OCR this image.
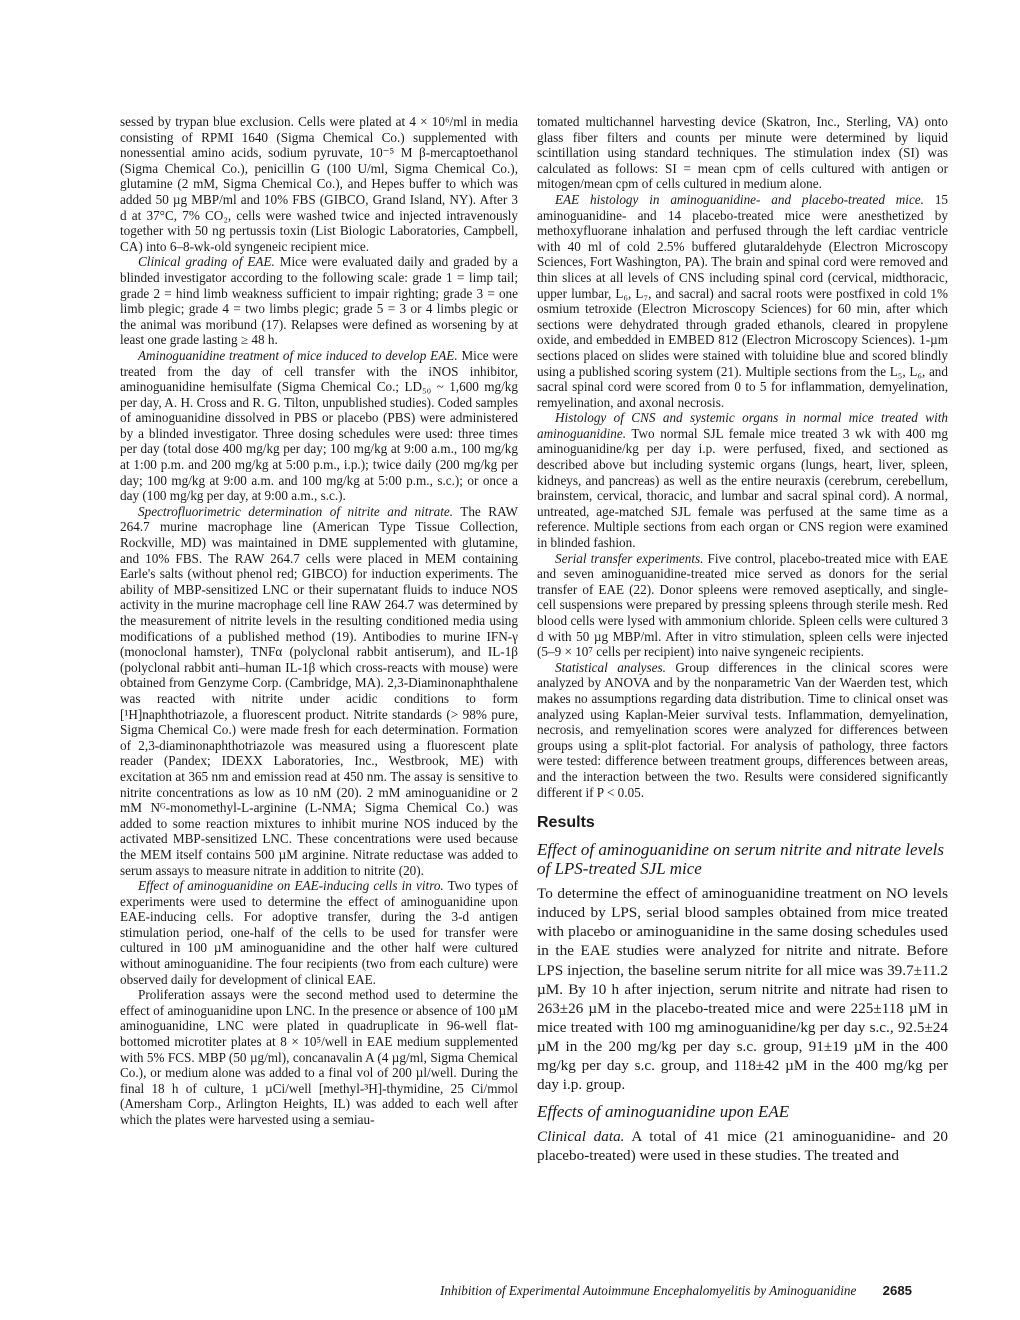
sessed by trypan blue exclusion. Cells were plated at 4 × 10⁶/ml in media consisting of RPMI 1640 (Sigma Chemical Co.) supplemented with nonessential amino acids, sodium pyruvate, 10⁻⁵ M β-mercaptoethanol (Sigma Chemical Co.), penicillin G (100 U/ml, Sigma Chemical Co.), glutamine (2 mM, Sigma Chemical Co.), and Hepes buffer to which was added 50 µg MBP/ml and 10% FBS (GIBCO, Grand Island, NY). After 3 d at 37°C, 7% CO₂, cells were washed twice and injected intravenously together with 50 ng pertussis toxin (List Biologic Laboratories, Campbell, CA) into 6–8-wk-old syngeneic recipient mice.

Clinical grading of EAE. Mice were evaluated daily and graded by a blinded investigator according to the following scale: grade 1 = limp tail; grade 2 = hind limb weakness sufficient to impair righting; grade 3 = one limb plegic; grade 4 = two limbs plegic; grade 5 = 3 or 4 limbs plegic or the animal was moribund (17). Relapses were defined as worsening by at least one grade lasting ≥ 48 h.

Aminoguanidine treatment of mice induced to develop EAE. Mice were treated from the day of cell transfer with the iNOS inhibitor, aminoguanidine hemisulfate (Sigma Chemical Co.; LD₅₀ ~ 1,600 mg/kg per day, A. H. Cross and R. G. Tilton, unpublished studies). Coded samples of aminoguanidine dissolved in PBS or placebo (PBS) were administered by a blinded investigator. Three dosing schedules were used: three times per day (total dose 400 mg/kg per day; 100 mg/kg at 9:00 a.m., 100 mg/kg at 1:00 p.m. and 200 mg/kg at 5:00 p.m., i.p.); twice daily (200 mg/kg per day; 100 mg/kg at 9:00 a.m. and 100 mg/kg at 5:00 p.m., s.c.); or once a day (100 mg/kg per day, at 9:00 a.m., s.c.).

Spectrofluorimetric determination of nitrite and nitrate. The RAW 264.7 murine macrophage line (American Type Tissue Collection, Rockville, MD) was maintained in DME supplemented with glutamine, and 10% FBS. The RAW 264.7 cells were placed in MEM containing Earle's salts (without phenol red; GIBCO) for induction experiments. The ability of MBP-sensitized LNC or their supernatant fluids to induce NOS activity in the murine macrophage cell line RAW 264.7 was determined by the measurement of nitrite levels in the resulting conditioned media using modifications of a published method (19). Antibodies to murine IFN-γ (monoclonal hamster), TNFα (polyclonal rabbit antiserum), and IL-1β (polyclonal rabbit anti–human IL-1β which cross-reacts with mouse) were obtained from Genzyme Corp. (Cambridge, MA). 2,3-Diaminonaphthalene was reacted with nitrite under acidic conditions to form [¹H]naphthotriazole, a fluorescent product. Nitrite standards (> 98% pure, Sigma Chemical Co.) were made fresh for each determination. Formation of 2,3-diaminonaphthotriazole was measured using a fluorescent plate reader (Pandex; IDEXX Laboratories, Inc., Westbrook, ME) with excitation at 365 nm and emission read at 450 nm. The assay is sensitive to nitrite concentrations as low as 10 nM (20). 2 mM aminoguanidine or 2 mM Nᴳ-monomethyl-L-arginine (L-NMA; Sigma Chemical Co.) was added to some reaction mixtures to inhibit murine NOS induced by the activated MBP-sensitized LNC. These concentrations were used because the MEM itself contains 500 µM arginine. Nitrate reductase was added to serum assays to measure nitrate in addition to nitrite (20).

Effect of aminoguanidine on EAE-inducing cells in vitro. Two types of experiments were used to determine the effect of aminoguanidine upon EAE-inducing cells. For adoptive transfer, during the 3-d antigen stimulation period, one-half of the cells to be used for transfer were cultured in 100 µM aminoguanidine and the other half were cultured without aminoguanidine. The four recipients (two from each culture) were observed daily for development of clinical EAE.

Proliferation assays were the second method used to determine the effect of aminoguanidine upon LNC. In the presence or absence of 100 µM aminoguanidine, LNC were plated in quadruplicate in 96-well flat-bottomed microtiter plates at 8 × 10⁵/well in EAE medium supplemented with 5% FCS. MBP (50 µg/ml), concanavalin A (4 µg/ml, Sigma Chemical Co.), or medium alone was added to a final vol of 200 µl/well. During the final 18 h of culture, 1 µCi/well [methyl-³H]-thymidine, 25 Ci/mmol (Amersham Corp., Arlington Heights, IL) was added to each well after which the plates were harvested using a semiau-

tomated multichannel harvesting device (Skatron, Inc., Sterling, VA) onto glass fiber filters and counts per minute were determined by liquid scintillation using standard techniques. The stimulation index (SI) was calculated as follows: SI = mean cpm of cells cultured with antigen or mitogen/mean cpm of cells cultured in medium alone.

EAE histology in aminoguanidine- and placebo-treated mice. 15 aminoguanidine- and 14 placebo-treated mice were anesthetized by methoxyfluorane inhalation and perfused through the left cardiac ventricle with 40 ml of cold 2.5% buffered glutaraldehyde (Electron Microscopy Sciences, Fort Washington, PA). The brain and spinal cord were removed and thin slices at all levels of CNS including spinal cord (cervical, midthoracic, upper lumbar, L₆, L₇, and sacral) and sacral roots were postfixed in cold 1% osmium tetroxide (Electron Microscopy Sciences) for 60 min, after which sections were dehydrated through graded ethanols, cleared in propylene oxide, and embedded in EMBED 812 (Electron Microscopy Sciences). 1-µm sections placed on slides were stained with toluidine blue and scored blindly using a published scoring system (21). Multiple sections from the L₅, L₆, and sacral spinal cord were scored from 0 to 5 for inflammation, demyelination, remyelination, and axonal necrosis.

Histology of CNS and systemic organs in normal mice treated with aminoguanidine. Two normal SJL female mice treated 3 wk with 400 mg aminoguanidine/kg per day i.p. were perfused, fixed, and sectioned as described above but including systemic organs (lungs, heart, liver, spleen, kidneys, and pancreas) as well as the entire neuraxis (cerebrum, cerebellum, brainstem, cervical, thoracic, and lumbar and sacral spinal cord). A normal, untreated, age-matched SJL female was perfused at the same time as a reference. Multiple sections from each organ or CNS region were examined in blinded fashion.

Serial transfer experiments. Five control, placebo-treated mice with EAE and seven aminoguanidine-treated mice served as donors for the serial transfer of EAE (22). Donor spleens were removed aseptically, and single-cell suspensions were prepared by pressing spleens through sterile mesh. Red blood cells were lysed with ammonium chloride. Spleen cells were cultured 3 d with 50 µg MBP/ml. After in vitro stimulation, spleen cells were injected (5–9 × 10⁷ cells per recipient) into naive syngeneic recipients.

Statistical analyses. Group differences in the clinical scores were analyzed by ANOVA and by the nonparametric Van der Waerden test, which makes no assumptions regarding data distribution. Time to clinical onset was analyzed using Kaplan-Meier survival tests. Inflammation, demyelination, necrosis, and remyelination scores were analyzed for differences between groups using a split-plot factorial. For analysis of pathology, three factors were tested: difference between treatment groups, differences between areas, and the interaction between the two. Results were considered significantly different if P < 0.05.

Results
Effect of aminoguanidine on serum nitrite and nitrate levels of LPS-treated SJL mice

To determine the effect of aminoguanidine treatment on NO levels induced by LPS, serial blood samples obtained from mice treated with placebo or aminoguanidine in the same dosing schedules used in the EAE studies were analyzed for nitrite and nitrate. Before LPS injection, the baseline serum nitrite for all mice was 39.7±11.2 µM. By 10 h after injection, serum nitrite and nitrate had risen to 263±26 µM in the placebo-treated mice and were 225±118 µM in mice treated with 100 mg aminoguanidine/kg per day s.c., 92.5±24 µM in the 200 mg/kg per day s.c. group, 91±19 µM in the 400 mg/kg per day s.c. group, and 118±42 µM in the 400 mg/kg per day i.p. group.

Effects of aminoguanidine upon EAE

Clinical data. A total of 41 mice (21 aminoguanidine- and 20 placebo-treated) were used in these studies. The treated and

Inhibition of Experimental Autoimmune Encephalomyelitis by Aminoguanidine 2685
